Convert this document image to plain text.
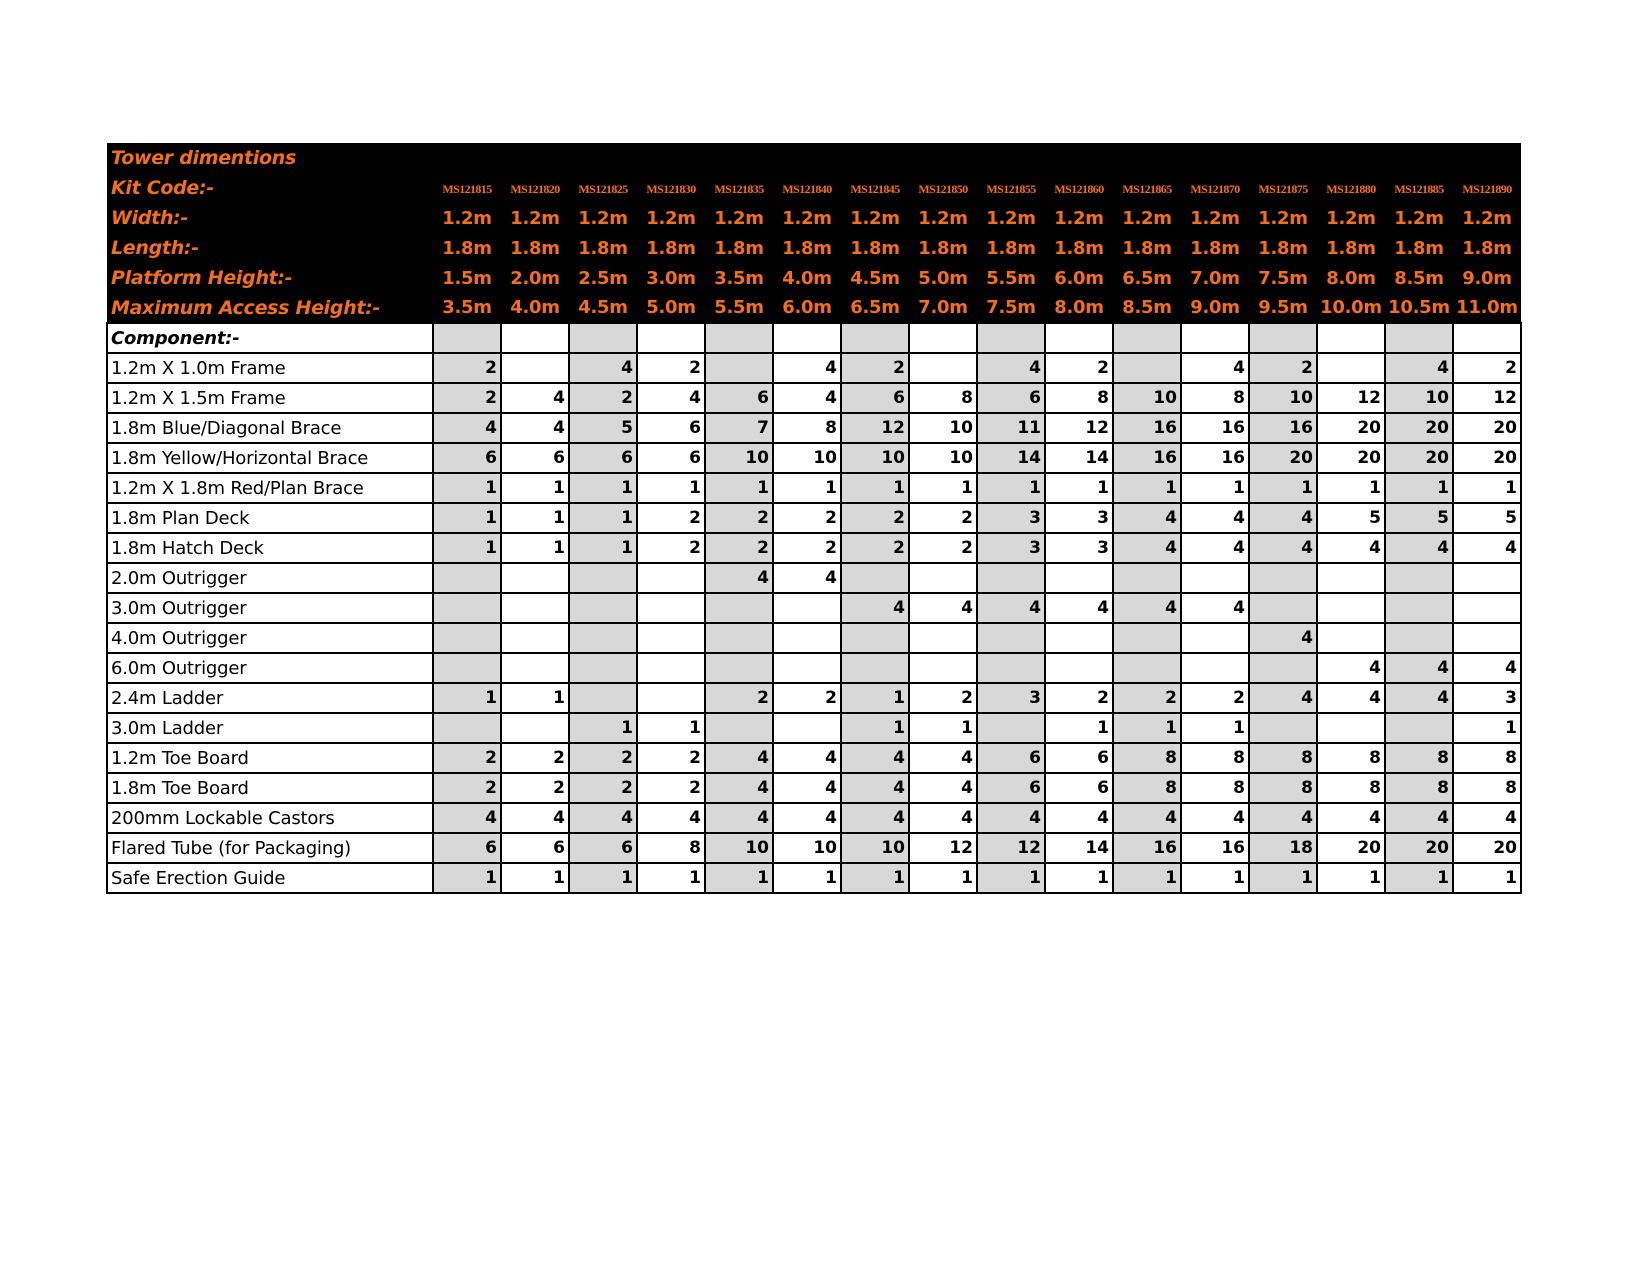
Tower dimentions																
Kit Code:-	MS121815	MS121820	MS121825	MS121830	MS121835	MS121840	MS121845	MS121850	MS121855	MS121860	MS121865	MS121870	MS121875	MS121880	MS121885	MS121890
Width:-	1.2m	1.2m	1.2m	1.2m	1.2m	1.2m	1.2m	1.2m	1.2m	1.2m	1.2m	1.2m	1.2m	1.2m	1.2m	1.2m
Length:-	1.8m	1.8m	1.8m	1.8m	1.8m	1.8m	1.8m	1.8m	1.8m	1.8m	1.8m	1.8m	1.8m	1.8m	1.8m	1.8m
Platform Height:-	1.5m	2.0m	2.5m	3.0m	3.5m	4.0m	4.5m	5.0m	5.5m	6.0m	6.5m	7.0m	7.5m	8.0m	8.5m	9.0m
Maximum Access Height:-	3.5m	4.0m	4.5m	5.0m	5.5m	6.0m	6.5m	7.0m	7.5m	8.0m	8.5m	9.0m	9.5m	10.0m	10.5m	11.0m
Component:-																
1.2m X 1.0m Frame	2		4	2		4	2		4	2		4	2		4	2
1.2m X 1.5m Frame	2	4	2	4	6	4	6	8	6	8	10	8	10	12	10	12
1.8m Blue/Diagonal Brace	4	4	5	6	7	8	12	10	11	12	16	16	16	20	20	20
1.8m Yellow/Horizontal Brace	6	6	6	6	10	10	10	10	14	14	16	16	20	20	20	20
1.2m X 1.8m Red/Plan Brace	1	1	1	1	1	1	1	1	1	1	1	1	1	1	1	1
1.8m Plan Deck	1	1	1	2	2	2	2	2	3	3	4	4	4	5	5	5
1.8m Hatch Deck	1	1	1	2	2	2	2	2	3	3	4	4	4	4	4	4
2.0m Outrigger					4	4										
3.0m Outrigger							4	4	4	4	4	4				
4.0m Outrigger													4			
6.0m Outrigger														4	4	4
2.4m Ladder	1	1			2	2	1	2	3	2	2	2	4	4	4	3
3.0m Ladder			1	1			1	1		1	1	1				1
1.2m Toe Board	2	2	2	2	4	4	4	4	6	6	8	8	8	8	8	8
1.8m Toe Board	2	2	2	2	4	4	4	4	6	6	8	8	8	8	8	8
200mm Lockable Castors	4	4	4	4	4	4	4	4	4	4	4	4	4	4	4	4
Flared Tube (for Packaging)	6	6	6	8	10	10	10	12	12	14	16	16	18	20	20	20
Safe Erection Guide	1	1	1	1	1	1	1	1	1	1	1	1	1	1	1	1
